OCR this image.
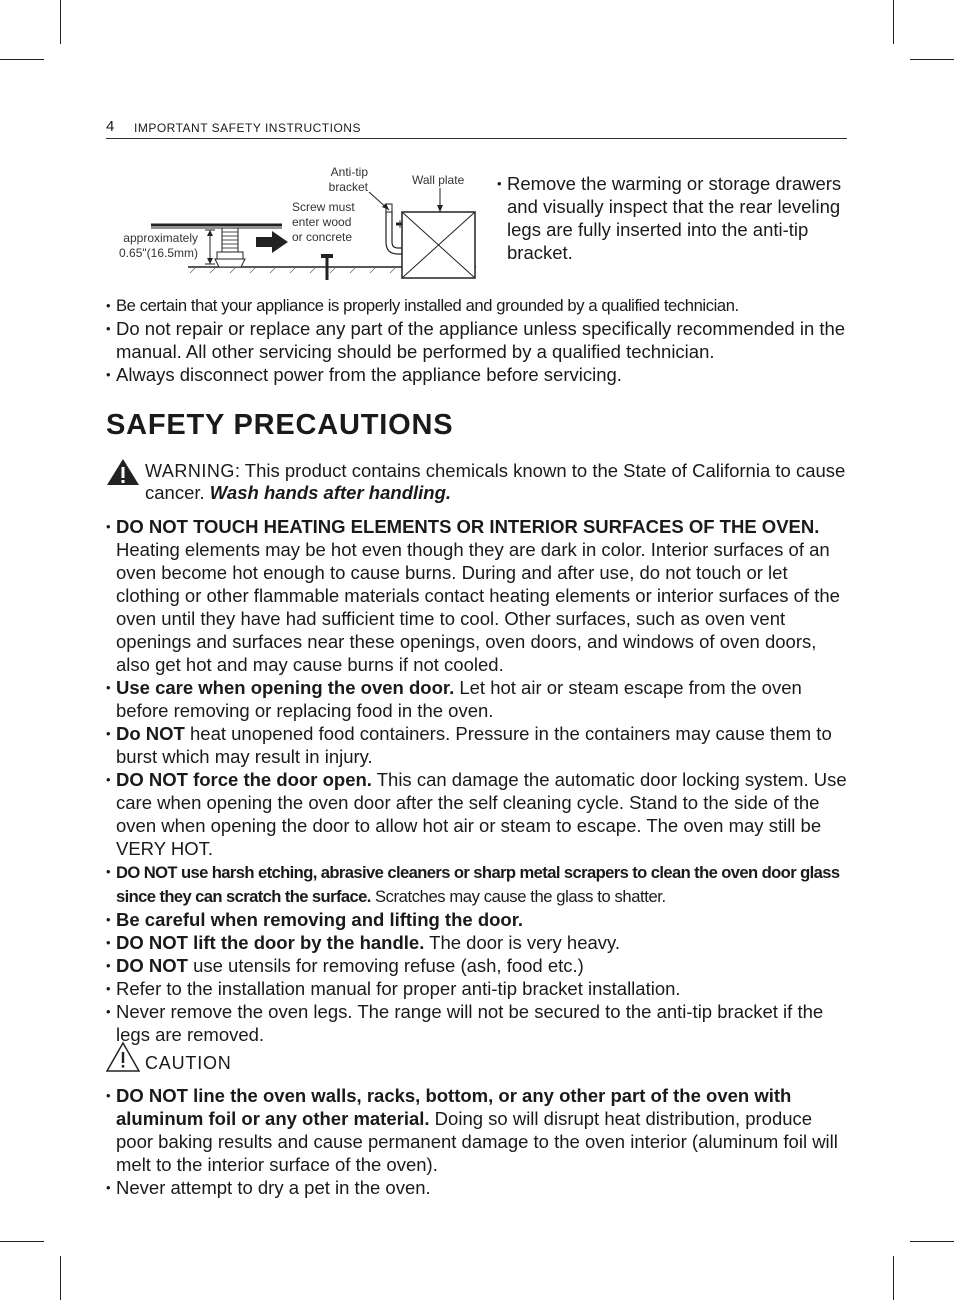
4 IMPORTANT SAFETY INSTRUCTIONS
Anti-tip
bracket	Wall plate
Screw must
enter wood
or concrete
approximately
0.65"(16.5mm)
• Remove the warming or storage drawers and visually inspect that the rear leveling legs are fully inserted into the anti-tip bracket.
• Be certain that your appliance is properly installed and grounded by a qualified technician.
• Do not repair or replace any part of the appliance unless specifically recommended in the manual. All other servicing should be performed by a qualified technician.
• Always disconnect power from the appliance before servicing.
SAFETY PRECAUTIONS
WARNING: This product contains chemicals known to the State of California to cause cancer. Wash hands after handling.
• DO NOT TOUCH HEATING ELEMENTS OR INTERIOR SURFACES OF THE OVEN. Heating elements may be hot even though they are dark in color. Interior surfaces of an oven become hot enough to cause burns. During and after use, do not touch or let clothing or other flammable materials contact heating elements or interior surfaces of the oven until they have had sufficient time to cool. Other surfaces, such as oven vent openings and surfaces near these openings, oven doors, and windows of oven doors, also get hot and may cause burns if not cooled.
• Use care when opening the oven door. Let hot air or steam escape from the oven before removing or replacing food in the oven.
• Do NOT heat unopened food containers. Pressure in the containers may cause them to burst which may result in injury.
• DO NOT force the door open. This can damage the automatic door locking system. Use care when opening the oven door after the self cleaning cycle. Stand to the side of the oven when opening the door to allow hot air or steam to escape. The oven may still be VERY HOT.
• DO NOT use harsh etching, abrasive cleaners or sharp metal scrapers to clean the oven door glass since they can scratch the surface. Scratches may cause the glass to shatter.
• Be careful when removing and lifting the door.
• DO NOT lift the door by the handle. The door is very heavy.
• DO NOT use utensils for removing refuse (ash, food etc.)
• Refer to the installation manual for proper anti-tip bracket installation.
• Never remove the oven legs. The range will not be secured to the anti-tip bracket if the legs are removed.
CAUTION
• DO NOT line the oven walls, racks, bottom, or any other part of the oven with aluminum foil or any other material. Doing so will disrupt heat distribution, produce poor baking results and cause permanent damage to the oven interior (aluminum foil will melt to the interior surface of the oven).
• Never attempt to dry a pet in the oven.
